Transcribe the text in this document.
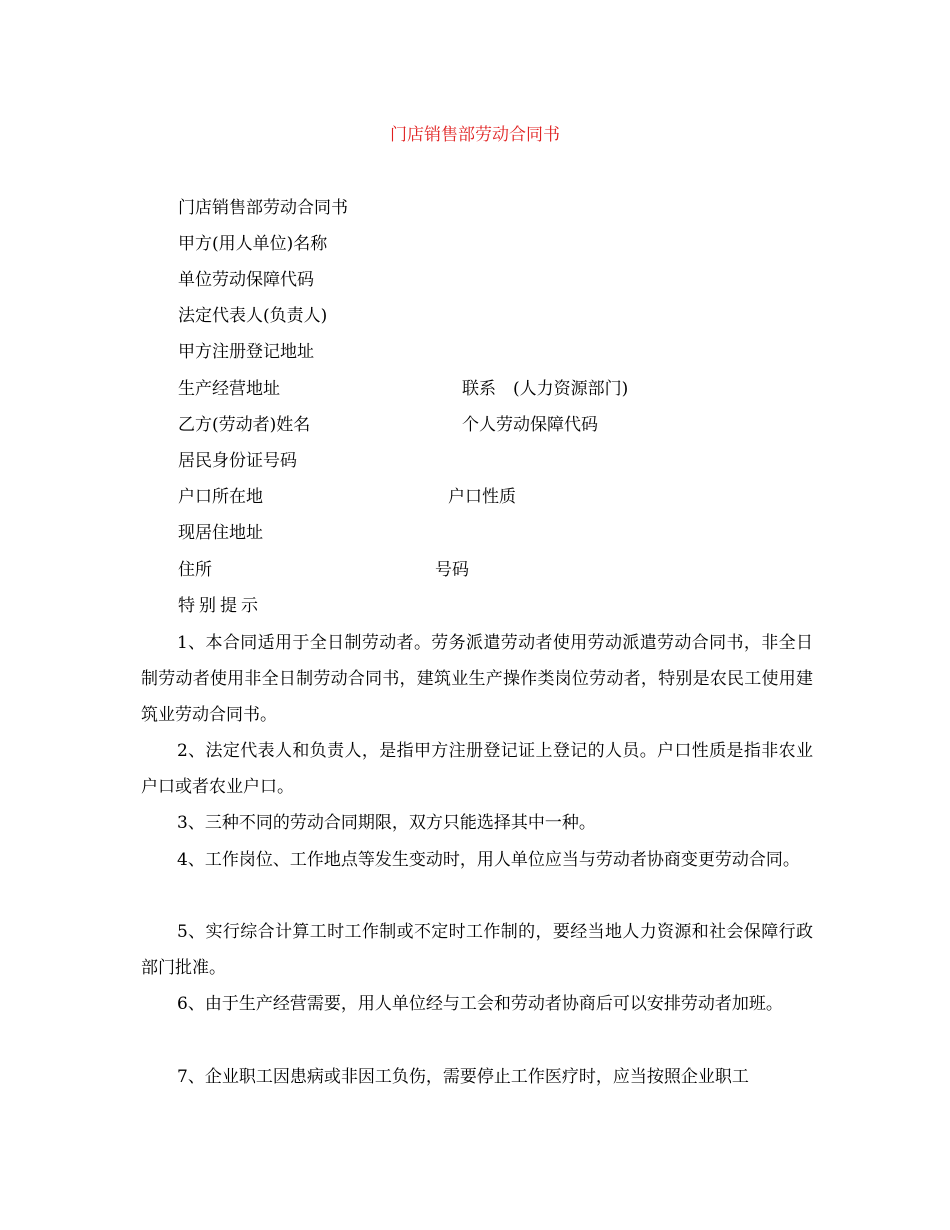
门店销售部劳动合同书
门店销售部劳动合同书
甲方(用人单位)名称
单位劳动保障代码
法定代表人(负责人)
甲方注册登记地址
生产经营地址	联系　(人力资源部门)
乙方(劳动者)姓名	个人劳动保障代码
居民身份证号码
户口所在地	户口性质
现居住地址
住所	号码
特别提示
1、本合同适用于全日制劳动者。劳务派遣劳动者使用劳动派遣劳动合同书，非全日制劳动者使用非全日制劳动合同书，建筑业生产操作类岗位劳动者，特别是农民工使用建筑业劳动合同书。
2、法定代表人和负责人，是指甲方注册登记证上登记的人员。户口性质是指非农业户口或者农业户口。
3、三种不同的劳动合同期限，双方只能选择其中一种。
4、工作岗位、工作地点等发生变动时，用人单位应当与劳动者协商变更劳动合同。
5、实行综合计算工时工作制或不定时工作制的，要经当地人力资源和社会保障行政部门批准。
6、由于生产经营需要，用人单位经与工会和劳动者协商后可以安排劳动者加班。
7、企业职工因患病或非因工负伤，需要停止工作医疗时，应当按照企业职工
